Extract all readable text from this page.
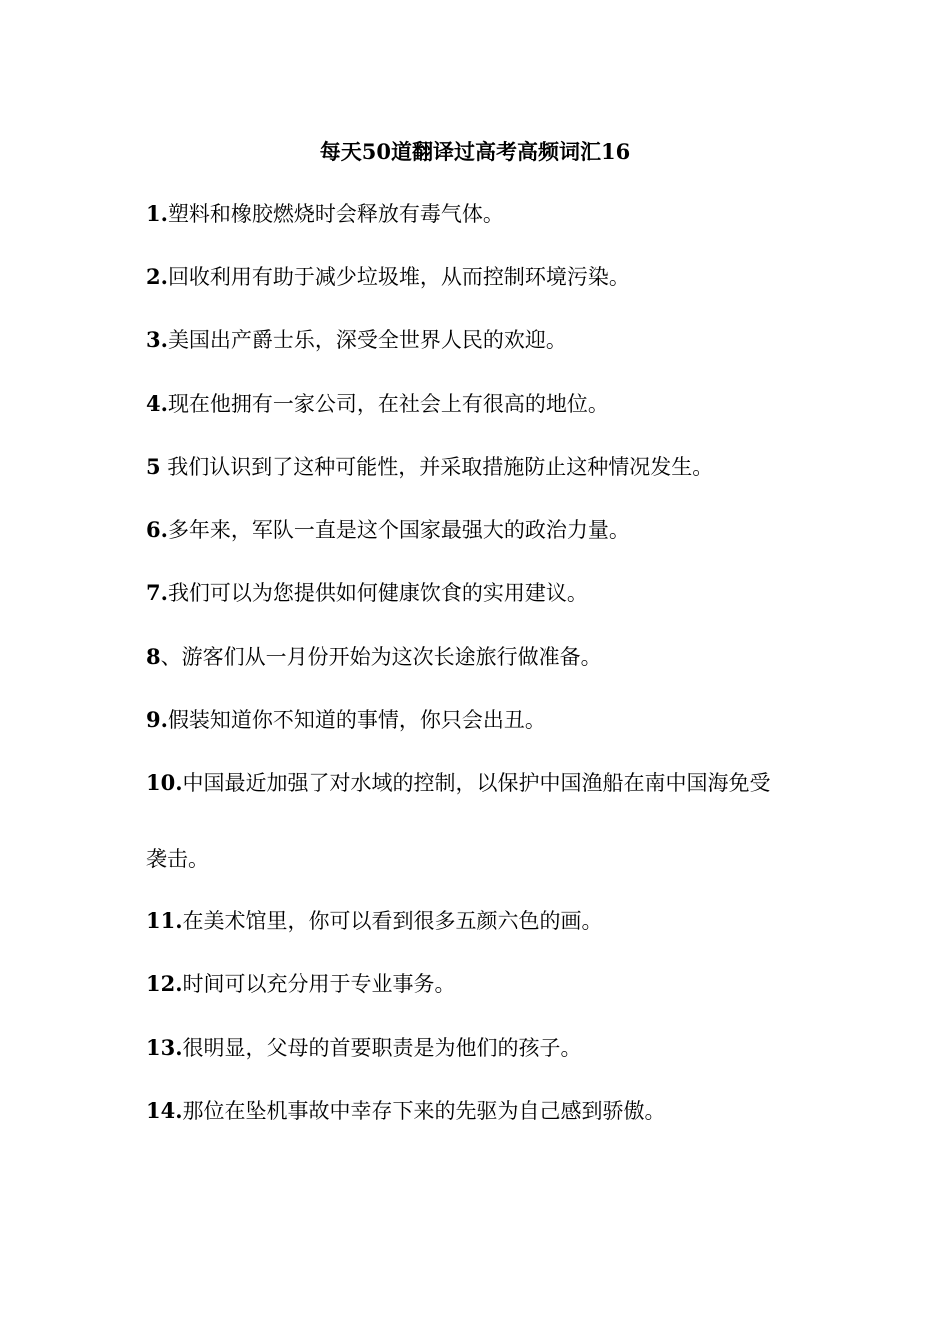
每天50道翻译过高考高频词汇16
1.塑料和橡胶燃烧时会释放有毒气体。
2.回收利用有助于减少垃圾堆，从而控制环境污染。
3.美国出产爵士乐，深受全世界人民的欢迎。
4.现在他拥有一家公司，在社会上有很高的地位。
5 我们认识到了这种可能性，并采取措施防止这种情况发生。
6.多年来，军队一直是这个国家最强大的政治力量。
7.我们可以为您提供如何健康饮食的实用建议。
8、游客们从一月份开始为这次长途旅行做准备。
9.假装知道你不知道的事情，你只会出丑。
10.中国最近加强了对水域的控制，以保护中国渔船在南中国海免受
袭击。
11.在美术馆里，你可以看到很多五颜六色的画。
12.时间可以充分用于专业事务。
13.很明显，父母的首要职责是为他们的孩子。
14.那位在坠机事故中幸存下来的先驱为自己感到骄傲。
